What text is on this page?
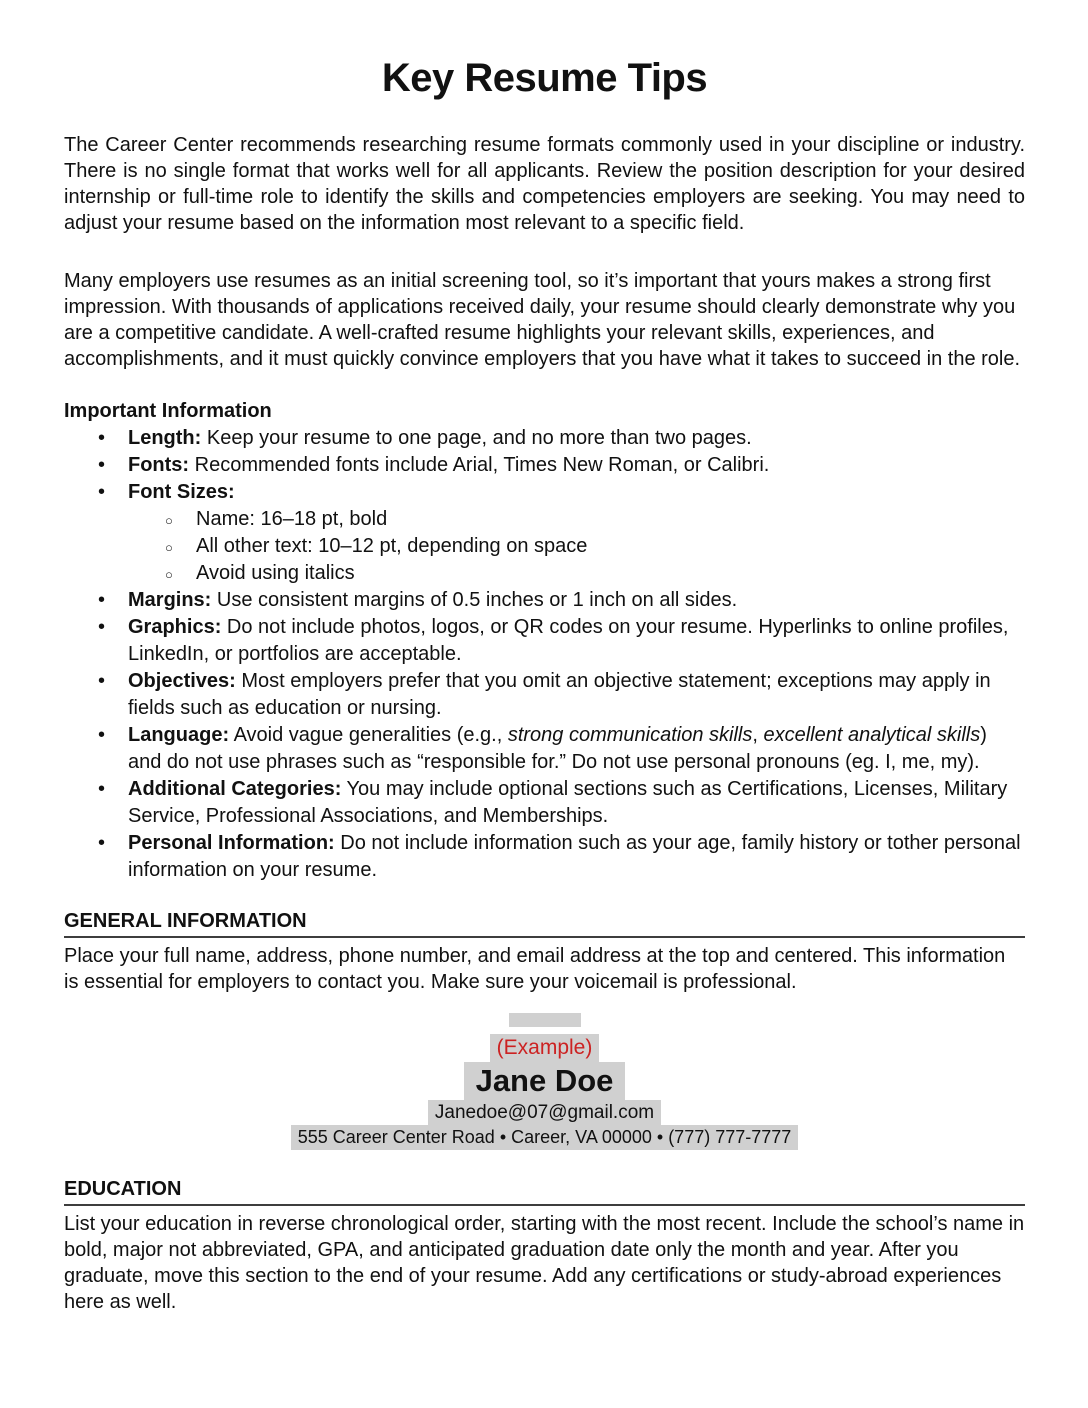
Key Resume Tips

The Career Center recommends researching resume formats commonly used in your discipline or industry. There is no single format that works well for all applicants. Review the position description for your desired internship or full-time role to identify the skills and competencies employers are seeking. You may need to adjust your resume based on the information most relevant to a specific field.

Many employers use resumes as an initial screening tool, so it’s important that yours makes a strong first impression. With thousands of applications received daily, your resume should clearly demonstrate why you are a competitive candidate. A well-crafted resume highlights your relevant skills, experiences, and accomplishments, and it must quickly convince employers that you have what it takes to succeed in the role.

Important Information
• Length: Keep your resume to one page, and no more than two pages.
• Fonts: Recommended fonts include Arial, Times New Roman, or Calibri.
• Font Sizes:
○ Name: 16–18 pt, bold
○ All other text: 10–12 pt, depending on space
○ Avoid using italics
• Margins: Use consistent margins of 0.5 inches or 1 inch on all sides.
• Graphics: Do not include photos, logos, or QR codes on your resume. Hyperlinks to online profiles, LinkedIn, or portfolios are acceptable.
• Objectives: Most employers prefer that you omit an objective statement; exceptions may apply in fields such as education or nursing.
• Language: Avoid vague generalities (e.g., strong communication skills, excellent analytical skills) and do not use phrases such as “responsible for.” Do not use personal pronouns (eg. I, me, my).
• Additional Categories: You may include optional sections such as Certifications, Licenses, Military Service, Professional Associations, and Memberships.
• Personal Information: Do not include information such as your age, family history or tother personal information on your resume.
GENERAL INFORMATION

Place your full name, address, phone number, and email address at the top and centered. This information is essential for employers to contact you. Make sure your voicemail is professional.

(Example)
Jane Doe
Janedoe@07@gmail.com
555 Career Center Road • Career, VA 00000 • (777) 777-7777
EDUCATION

List your education in reverse chronological order, starting with the most recent. Include the school’s name in bold, major not abbreviated, GPA, and anticipated graduation date only the month and year. After you graduate, move this section to the end of your resume. Add any certifications or study-abroad experiences here as well.
